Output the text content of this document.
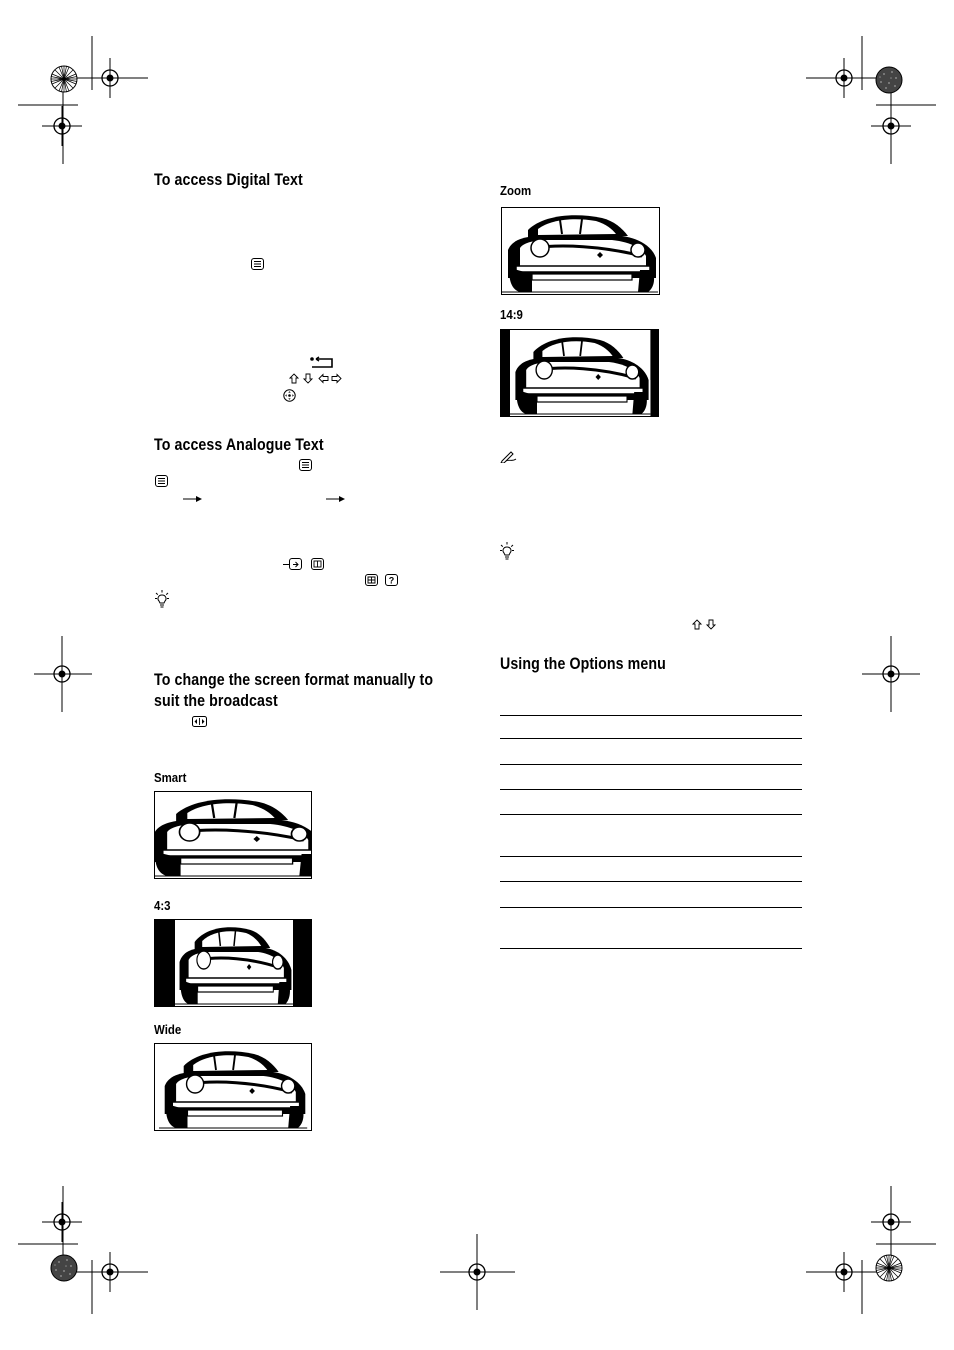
To access Digital Text
To access Analogue Text
?
To change the screen format manually to suit the broadcast
Smart
4:3
Wide
Zoom
14:9
Using the Options menu
